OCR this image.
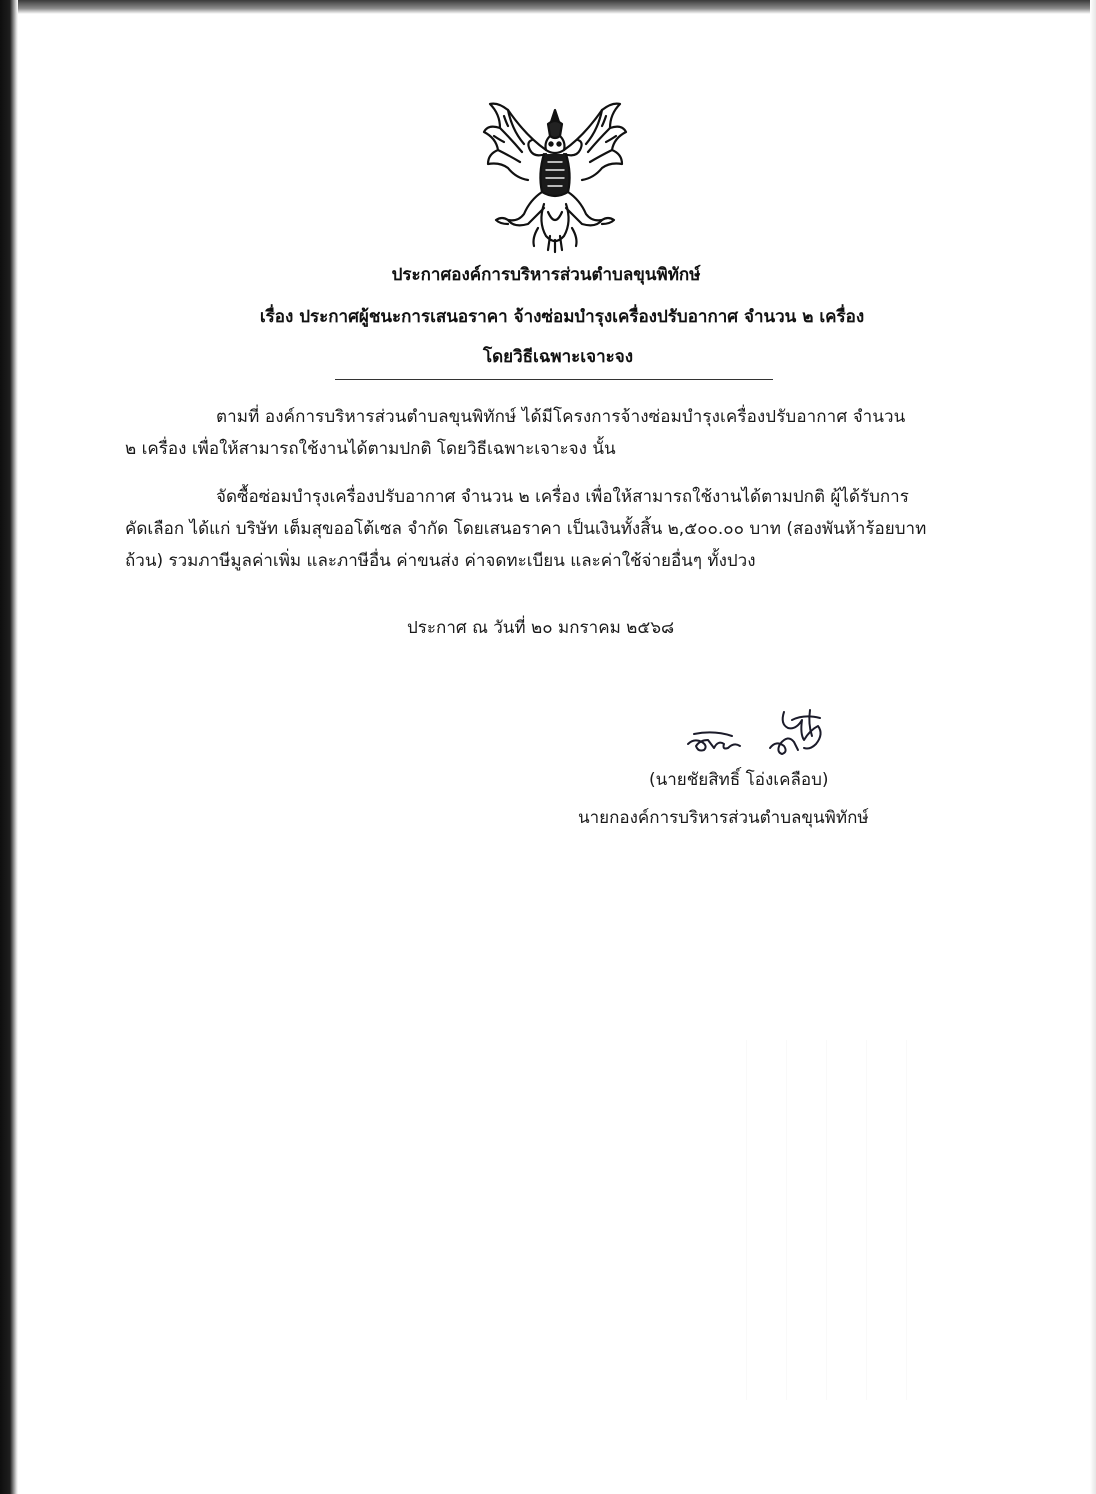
ประกาศองค์การบริหารส่วนตำบลขุนพิทักษ์
เรื่อง ประกาศผู้ชนะการเสนอราคา จ้างซ่อมบำรุงเครื่องปรับอากาศ จำนวน ๒ เครื่อง
โดยวิธีเฉพาะเจาะจง
ตามที่ องค์การบริหารส่วนตำบลขุนพิทักษ์ ได้มีโครงการจ้างซ่อมบำรุงเครื่องปรับอากาศ จำนวน
๒ เครื่อง เพื่อให้สามารถใช้งานได้ตามปกติ โดยวิธีเฉพาะเจาะจง นั้น
จัดซื้อซ่อมบำรุงเครื่องปรับอากาศ จำนวน ๒ เครื่อง เพื่อให้สามารถใช้งานได้ตามปกติ ผู้ได้รับการ
คัดเลือก ได้แก่ บริษัท เต็มสุขออโต้เซล จำกัด โดยเสนอราคา เป็นเงินทั้งสิ้น ๒,๕๐๐.๐๐ บาท (สองพันห้าร้อยบาท
ถ้วน) รวมภาษีมูลค่าเพิ่ม และภาษีอื่น ค่าขนส่ง ค่าจดทะเบียน และค่าใช้จ่ายอื่นๆ ทั้งปวง
ประกาศ ณ วันที่ ๒๐ มกราคม ๒๕๖๘
(นายชัยสิทธิ์ โอ่งเคลือบ)
นายกองค์การบริหารส่วนตำบลขุนพิทักษ์
